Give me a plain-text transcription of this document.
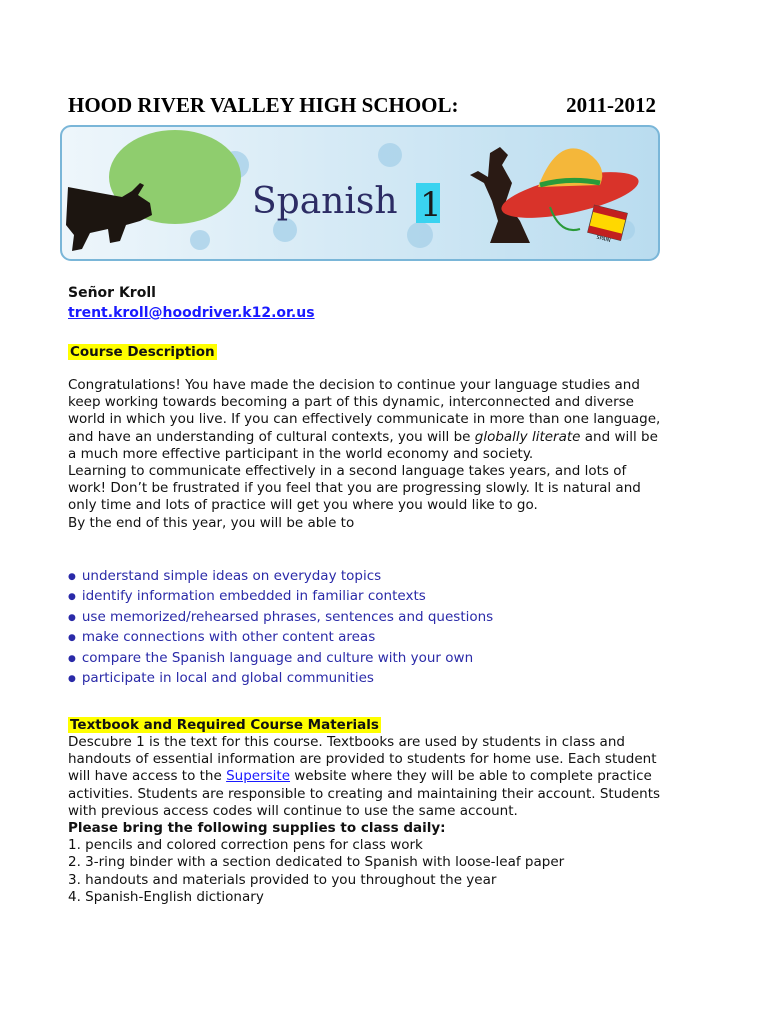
HOOD RIVER VALLEY HIGH SCHOOL:	2011-2012
SPAIN
Spanish 1
Señor Kroll
trent.kroll@hoodriver.k12.or.us
Course Description
Congratulations! You have made the decision to continue your language studies and keep working towards becoming a part of this dynamic, interconnected and diverse world in which you live. If you can effectively communicate in more than one language, and have an understanding of cultural contexts, you will be globally literate and will be a much more effective participant in the world economy and society.
Learning to communicate effectively in a second language takes years, and lots of work! Don’t be frustrated if you feel that you are progressing slowly. It is natural and only time and lots of practice will get you where you would like to go.
By the end of this year, you will be able to
● understand simple ideas on everyday topics
● identify information embedded in familiar contexts
● use memorized/rehearsed phrases, sentences and questions
● make connections with other content areas
● compare the Spanish language and culture with your own
● participate in local and global communities
Textbook and Required Course Materials
Descubre 1 is the text for this course. Textbooks are used by students in class and handouts of essential information are provided to students for home use. Each student will have access to the Supersite website where they will be able to complete practice activities. Students are responsible to creating and maintaining their account. Students with previous access codes will continue to use the same account.
Please bring the following supplies to class daily:
1. pencils and colored correction pens for class work
2. 3-ring binder with a section dedicated to Spanish with loose-leaf paper
3. handouts and materials provided to you throughout the year
4. Spanish-English dictionary
